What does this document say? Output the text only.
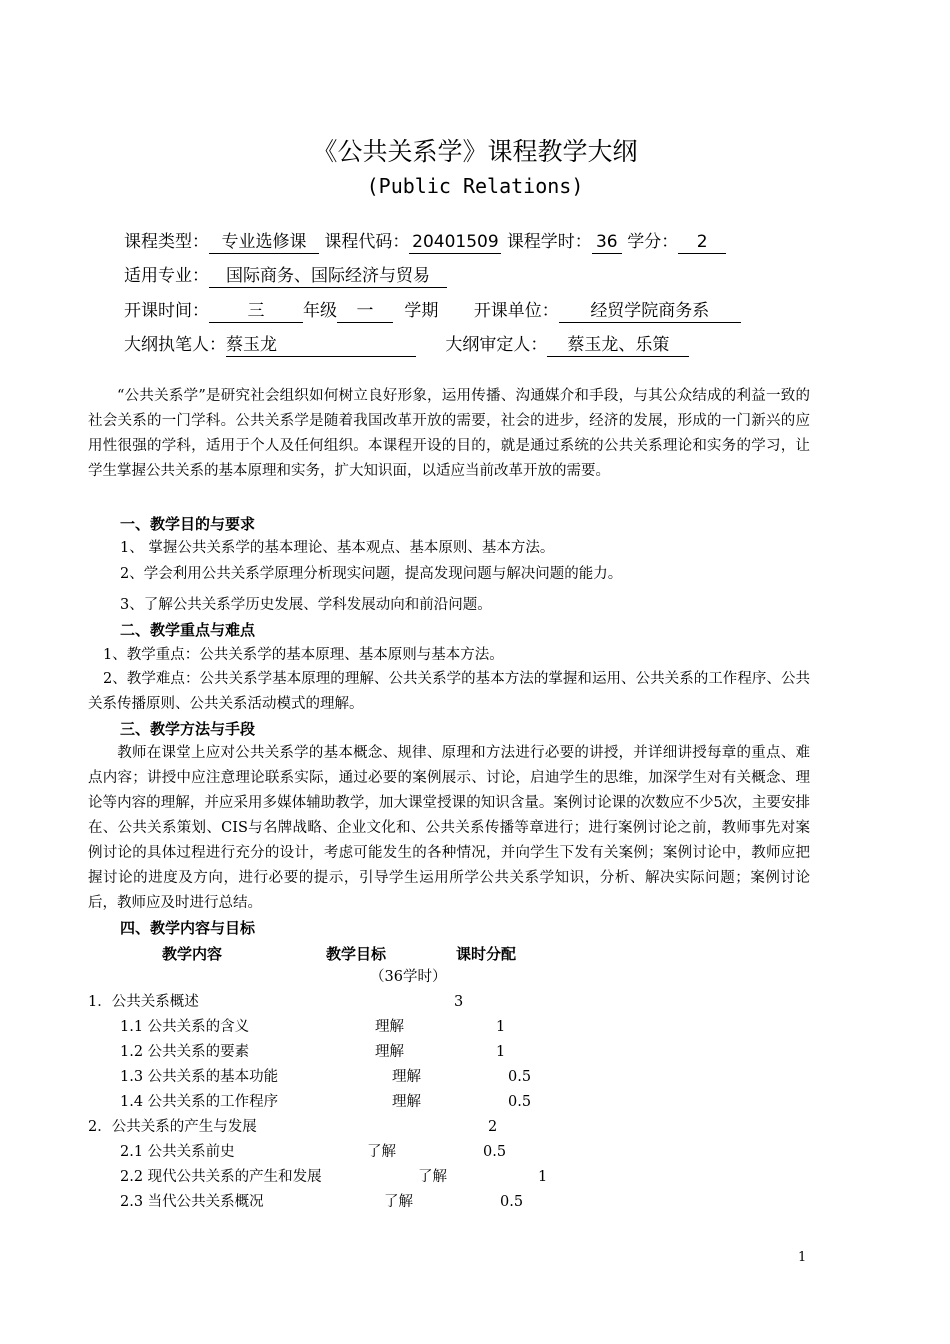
《公共关系学》课程教学大纲
(Public Relations)
课程类型： 专业选修课 课程代码： 20401509 课程学时： 36 学分： 2
适用专业： 国际商务、国际经济与贸易
开课时间： 三 年级 一 学期 开课单位： 经贸学院商务系
大纲执笔人：蔡玉龙	大纲审定人： 蔡玉龙、乐策
“公共关系学”是研究社会组织如何树立良好形象，运用传播、沟通媒介和手段，与其公众结成的利益一致的社会关系的一门学科。公共关系学是随着我国改革开放的需要，社会的进步，经济的发展，形成的一门新兴的应用性很强的学科，适用于个人及任何组织。本课程开设的目的，就是通过系统的公共关系理论和实务的学习，让学生掌握公共关系的基本原理和实务，扩大知识面，以适应当前改革开放的需要。
一、教学目的与要求
1、 掌握公共关系学的基本理论、基本观点、基本原则、基本方法。
2、学会利用公共关系学原理分析现实问题，提高发现问题与解决问题的能力。
3、了解公共关系学历史发展、学科发展动向和前沿问题。
二、教学重点与难点
1、教学重点：公共关系学的基本原理、基本原则与基本方法。
2、教学难点：公共关系学基本原理的理解、公共关系学的基本方法的掌握和运用、公共关系的工作程序、公共关系传播原则、公共关系活动模式的理解。
三、教学方法与手段
教师在课堂上应对公共关系学的基本概念、规律、原理和方法进行必要的讲授，并详细讲授每章的重点、难点内容；讲授中应注意理论联系实际，通过必要的案例展示、讨论，启迪学生的思维，加深学生对有关概念、理论等内容的理解，并应采用多媒体辅助教学，加大课堂授课的知识含量。案例讨论课的次数应不少5次，主要安排在、公共关系策划、CIS与名牌战略、企业文化和、公共关系传播等章进行；进行案例讨论之前，教师事先对案例讨论的具体过程进行充分的设计，考虑可能发生的各种情况，并向学生下发有关案例；案例讨论中，教师应把握讨论的进度及方向，进行必要的提示，引导学生运用所学公共关系学知识，分析、解决实际问题；案例讨论后，教师应及时进行总结。
四、教学内容与目标
教学内容	教学目标	课时分配
（36学时）
1．公共关系概述	3
1.1 公共关系的含义	理解	1
1.2 公共关系的要素	理解	1
1.3 公共关系的基本功能	理解	0.5
1.4 公共关系的工作程序	理解	0.5
2．公共关系的产生与发展	2
2.1 公共关系前史	了解	0.5
2.2 现代公共关系的产生和发展	了解	1
2.3 当代公共关系概况	了解	0.5
1
